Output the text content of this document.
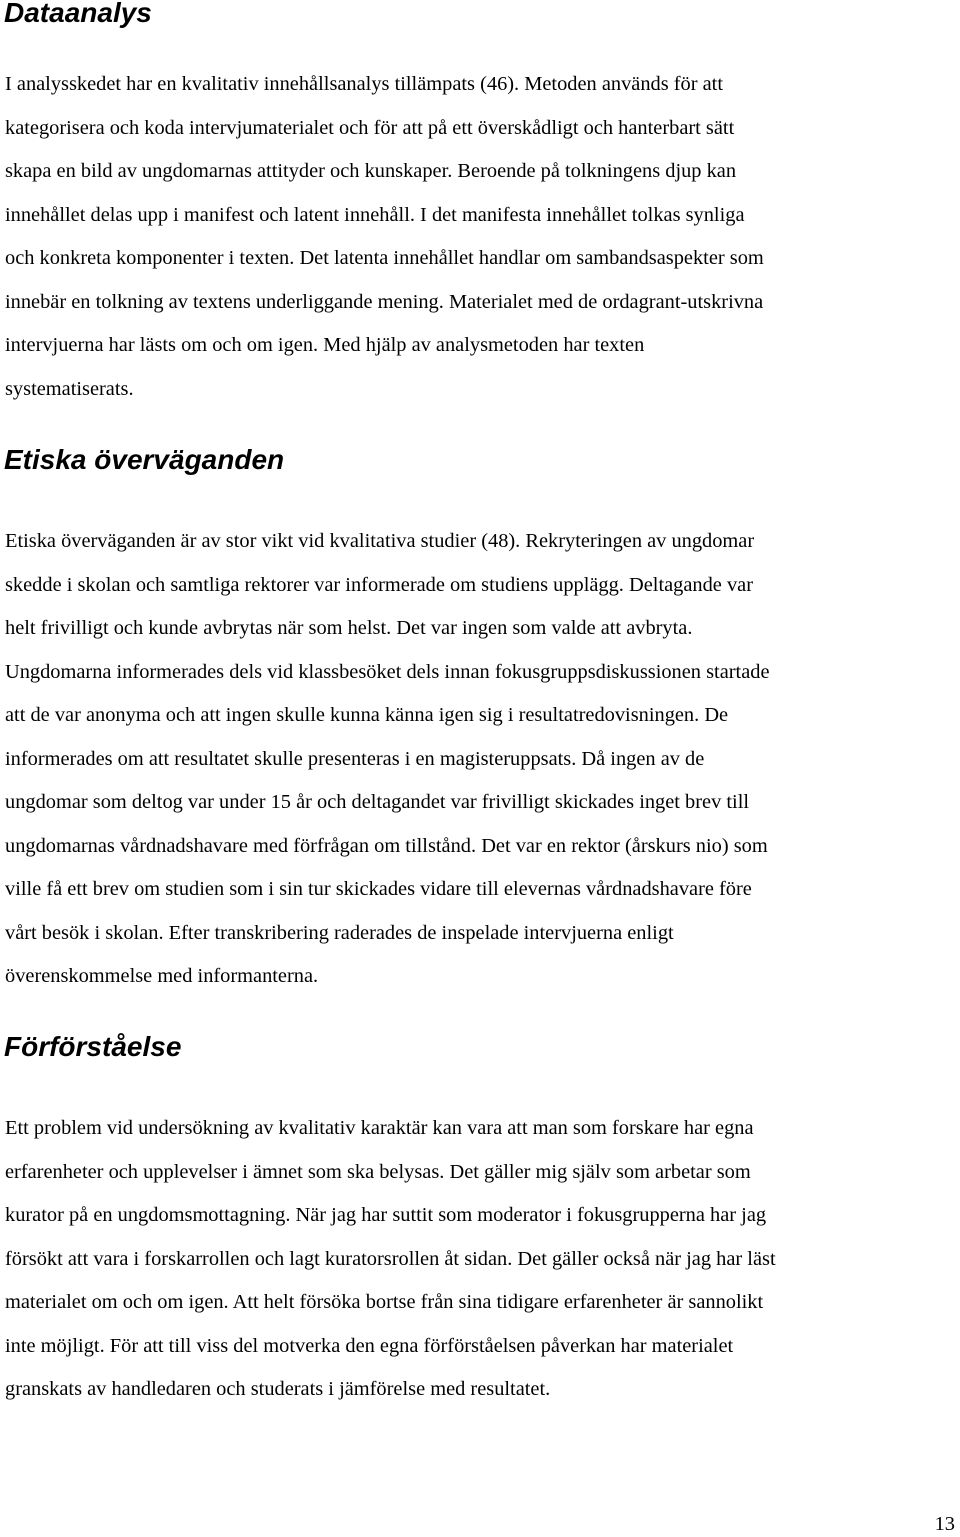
Dataanalys
I analysskedet har en kvalitativ innehållsanalys tillämpats (46). Metoden används för att
kategorisera och koda intervjumaterialet och för att på ett överskådligt och hanterbart sätt
skapa en bild av ungdomarnas attityder och kunskaper. Beroende på tolkningens djup kan
innehållet delas upp i manifest och latent innehåll. I det manifesta innehållet tolkas synliga
och konkreta komponenter i texten. Det latenta innehållet handlar om sambandsaspekter som
innebär en tolkning av textens underliggande mening. Materialet med de ordagrant-utskrivna
intervjuerna har lästs om och om igen. Med hjälp av analysmetoden har texten
systematiserats.
Etiska överväganden
Etiska överväganden är av stor vikt vid kvalitativa studier (48). Rekryteringen av ungdomar
skedde i skolan och samtliga rektorer var informerade om studiens upplägg. Deltagande var
helt frivilligt och kunde avbrytas när som helst. Det var ingen som valde att avbryta.
Ungdomarna informerades dels vid klassbesöket dels innan fokusgruppsdiskussionen startade
att de var anonyma och att ingen skulle kunna känna igen sig i resultatredovisningen. De
informerades om att resultatet skulle presenteras i en magisteruppsats. Då ingen av de
ungdomar som deltog var under 15 år och deltagandet var frivilligt skickades inget brev till
ungdomarnas vårdnadshavare med förfrågan om tillstånd. Det var en rektor (årskurs nio) som
ville få ett brev om studien som i sin tur skickades vidare till elevernas vårdnadshavare före
vårt besök i skolan. Efter transkribering raderades de inspelade intervjuerna enligt
överenskommelse med informanterna.
Förförståelse
Ett problem vid undersökning av kvalitativ karaktär kan vara att man som forskare har egna
erfarenheter och upplevelser i ämnet som ska belysas. Det gäller mig själv som arbetar som
kurator på en ungdomsmottagning. När jag har suttit som moderator i fokusgrupperna har jag
försökt att vara i forskarrollen och lagt kuratorsrollen åt sidan. Det gäller också när jag har läst
materialet om och om igen. Att helt försöka bortse från sina tidigare erfarenheter är sannolikt
inte möjligt. För att till viss del motverka den egna förförståelsen påverkan har materialet
granskats av handledaren och studerats i jämförelse med resultatet.

13
